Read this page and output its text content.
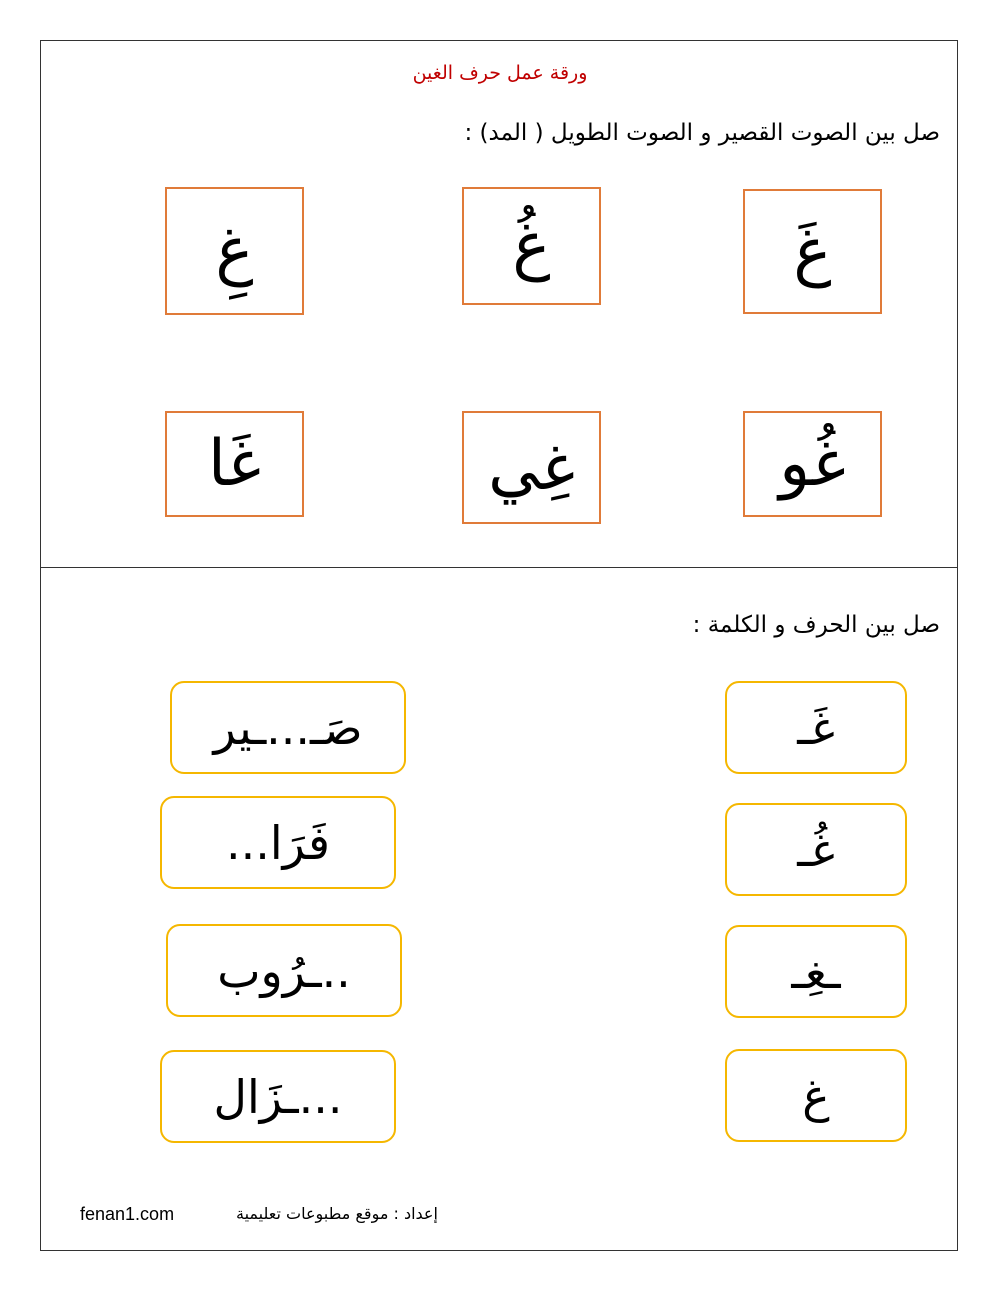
ورقة عمل حرف الغين
صل بين الصوت القصير و الصوت الطويل ( المد) :
غَ
غُ
غِ
غُو
غِي
غَا
صل بين الحرف و الكلمة :
غَـ
غُـ
ـغِـ
غ
صَـ...ـير
فَرَا...
..ـرُوب
...ـزَال
fenan1.com	إعداد : موقع مطبوعات تعليمية
